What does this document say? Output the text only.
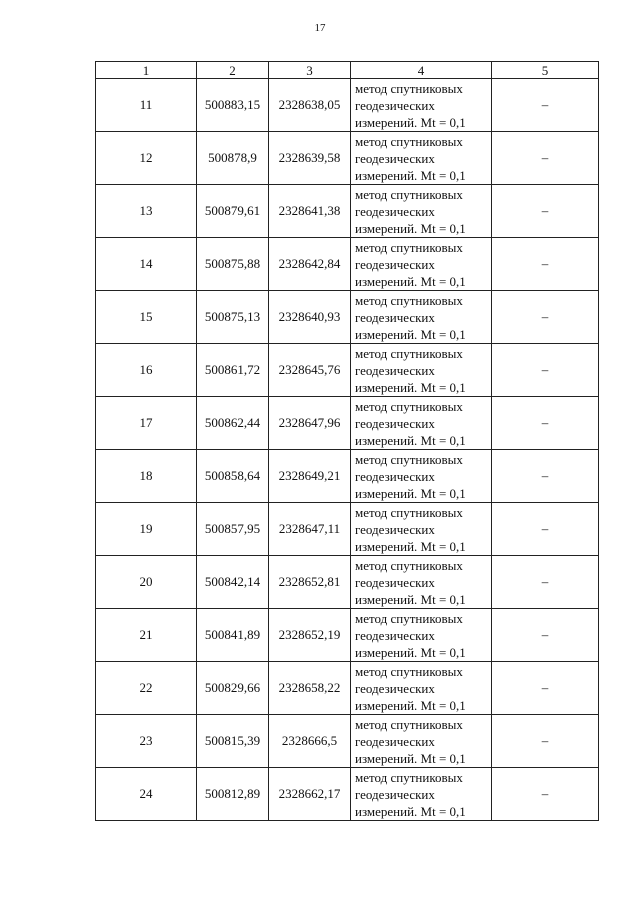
17
1	2	3	4	5
11	500883,15	2328638,05	метод спутниковых
геодезических
измерений. Mt = 0,1	–
12	500878,9	2328639,58	метод спутниковых
геодезических
измерений. Mt = 0,1	–
13	500879,61	2328641,38	метод спутниковых
геодезических
измерений. Mt = 0,1	–
14	500875,88	2328642,84	метод спутниковых
геодезических
измерений. Mt = 0,1	–
15	500875,13	2328640,93	метод спутниковых
геодезических
измерений. Mt = 0,1	–
16	500861,72	2328645,76	метод спутниковых
геодезических
измерений. Mt = 0,1	–
17	500862,44	2328647,96	метод спутниковых
геодезических
измерений. Mt = 0,1	–
18	500858,64	2328649,21	метод спутниковых
геодезических
измерений. Mt = 0,1	–
19	500857,95	2328647,11	метод спутниковых
геодезических
измерений. Mt = 0,1	–
20	500842,14	2328652,81	метод спутниковых
геодезических
измерений. Mt = 0,1	–
21	500841,89	2328652,19	метод спутниковых
геодезических
измерений. Mt = 0,1	–
22	500829,66	2328658,22	метод спутниковых
геодезических
измерений. Mt = 0,1	–
23	500815,39	2328666,5	метод спутниковых
геодезических
измерений. Mt = 0,1	–
24	500812,89	2328662,17	метод спутниковых
геодезических
измерений. Mt = 0,1	–
